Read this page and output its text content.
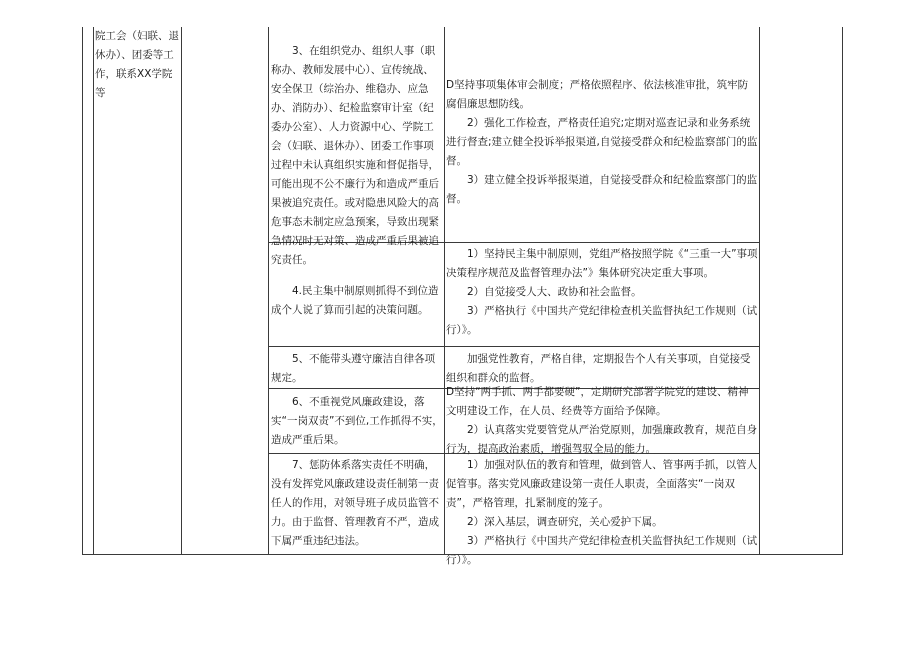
院工会（妇联、退休办）、团委等工作，联系XX学院等
3、在组织党办、组织人事（职称办、教师发展中心）、宣传统战、安全保卫（综治办、维稳办、应急办、消防办）、纪检监察审计室（纪委办公室）、人力资源中心、学院工会（妇联、退休办）、团委工作事项过程中未认真组织实施和督促指导，可能出现不公不廉行为和造成严重后果被追究责任。或对隐患风险大的高危事态未制定应急预案，导致出现紧急情况时无对策、造成严重后果被追究责任。
D坚持事项集体审会制度；严格依照程序、依法核准审批，筑牢防腐倡廉思想防线。
2）强化工作检查，严格责任追究;定期对巡查记录和业务系统进行督查;建立健全投诉举报渠道,自觉接受群众和纪检监察部门的监督。
3）建立健全投诉举报渠道，自觉接受群众和纪检监察部门的监督。
4.民主集中制原则抓得不到位造成个人说了算而引起的决策问题。
1）坚持民主集中制原则，党组严格按照学院《“三重一大”事项决策程序规范及监督管理办法”》集体研究决定重大事项。
2）自觉接受人大、政协和社会监督。
3）严格执行《中国共产党纪律检查机关监督执纪工作规则（试行）》。
5、不能带头遵守廉洁自律各项规定。
加强党性教育，严格自律，定期报告个人有关事项，自觉接受组织和群众的监督。
6、不重视党风廉政建设，落实“一岗双责”不到位,工作抓得不实，造成严重后果。
D坚持“两手抓、两手都要硬”，定期研究部署学院党的建设、精神文明建设工作，在人员、经费等方面给予保障。
2）认真落实党要管党从严治党原则，加强廉政教育，规范自身行为，提高政治素质，增强驾驭全局的能力。
7、惩防体系落实责任不明确，没有发挥党风廉政建设责任制第一责任人的作用，对领导班子成员监管不力。由于监督、管理教育不严，造成下属严重违纪违法。
1）加强对队伍的教育和管理，做到管人、管事两手抓，以管人促管事。落实党风廉政建设第一责任人职责，全面落实“一岗双责”，严格管理，扎紧制度的笼子。
2）深入基层，调查研究，关心爱护下属。
3）严格执行《中国共产党纪律检查机关监督执纪工作规则（试行）》。
